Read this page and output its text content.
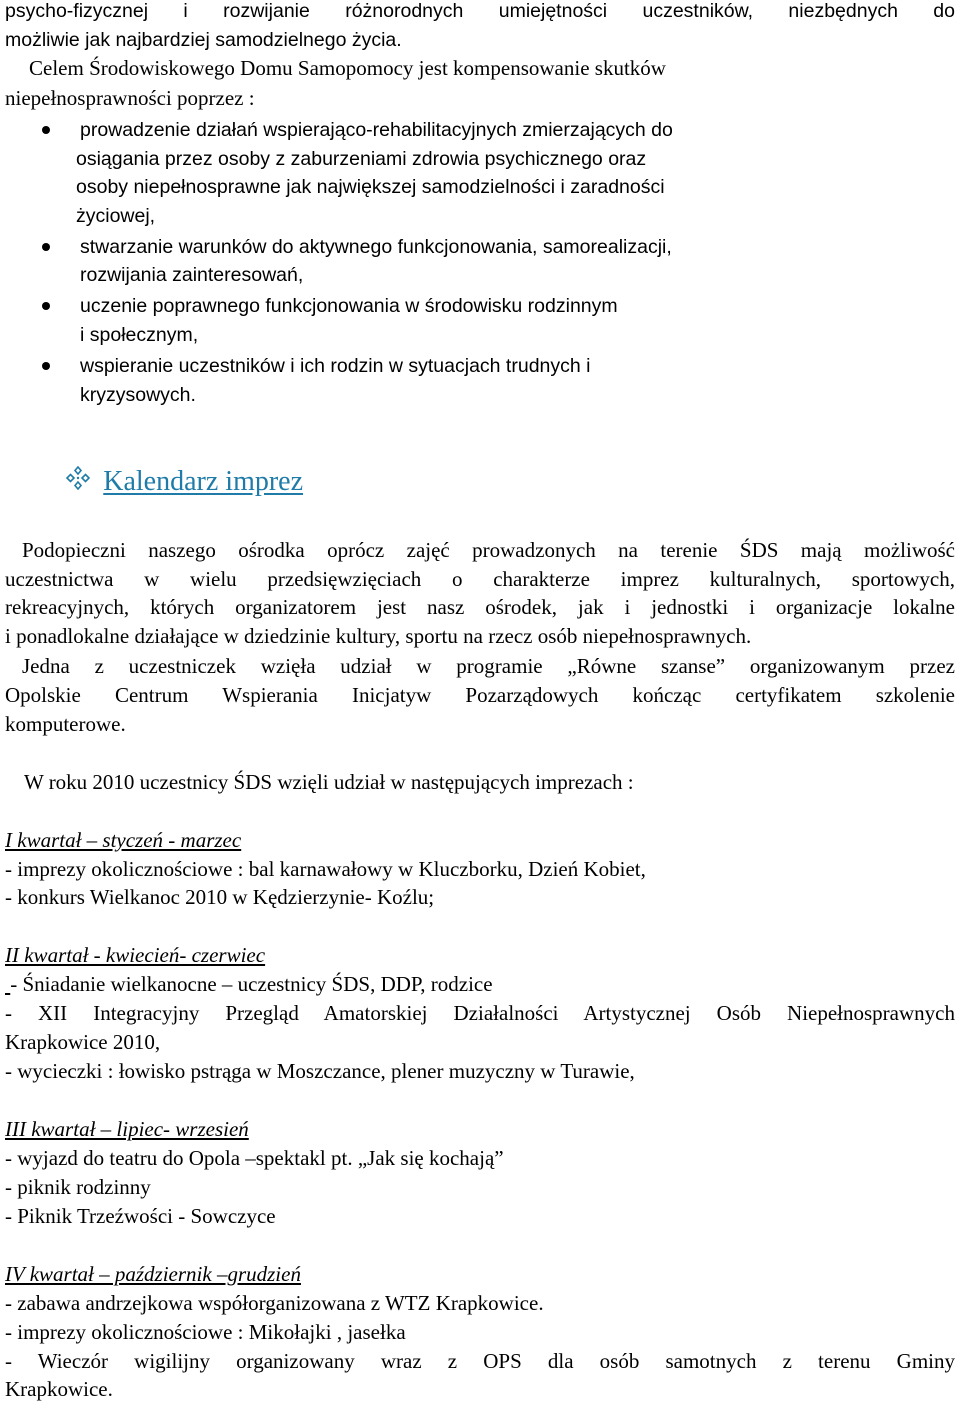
psycho-fizycznej i rozwijanie różnorodnych umiejętności uczestników, niezbędnych do
możliwie jak najbardziej samodzielnego życia.
Celem Środowiskowego Domu Samopomocy jest kompensowanie skutków
niepełnosprawności poprzez :
prowadzenie działań wspierająco-rehabilitacyjnych zmierzających do
osiągania przez osoby z zaburzeniami zdrowia psychicznego oraz
osoby niepełnosprawne jak największej samodzielności i zaradności
życiowej,
stwarzanie warunków do aktywnego funkcjonowania, samorealizacji,
rozwijania zainteresowań,
uczenie poprawnego funkcjonowania w środowisku rodzinnym
i społecznym,
wspieranie uczestników i ich rodzin w sytuacjach trudnych i
kryzysowych.
Kalendarz imprez
Podopieczni naszego ośrodka oprócz zajęć prowadzonych na terenie ŚDS mają możliwość
uczestnictwa w wielu przedsięwzięciach o charakterze imprez kulturalnych, sportowych,
rekreacyjnych, których organizatorem jest nasz ośrodek, jak i jednostki i organizacje lokalne
i ponadlokalne działające w dziedzinie kultury, sportu na rzecz osób niepełnosprawnych.
Jedna z uczestniczek wzięła udział w programie „Równe szanse” organizowanym przez
Opolskie Centrum Wspierania Inicjatyw Pozarządowych kończąc certyfikatem szkolenie
komputerowe.
W roku 2010 uczestnicy ŚDS wzięli udział w następujących imprezach :
I kwartał – styczeń - marzec
- imprezy okolicznościowe : bal karnawałowy w Kluczborku, Dzień Kobiet,
- konkurs Wielkanoc 2010 w Kędzierzynie- Koźlu;
II kwartał - kwiecień- czerwiec
- Śniadanie wielkanocne – uczestnicy ŚDS, DDP, rodzice
- XII Integracyjny Przegląd Amatorskiej Działalności Artystycznej Osób Niepełnosprawnych
Krapkowice 2010,
- wycieczki : łowisko pstrąga w Moszczance, plener muzyczny w Turawie,
III kwartał – lipiec- wrzesień
- wyjazd do teatru do Opola –spektakl pt. „Jak się kochają”
- piknik rodzinny
- Piknik Trzeźwości - Sowczyce
IV kwartał – październik –grudzień
- zabawa andrzejkowa współorganizowana z WTZ Krapkowice.
- imprezy okolicznościowe : Mikołajki , jasełka
- Wieczór wigilijny organizowany wraz z OPS dla osób samotnych z terenu Gminy
Krapkowice.
